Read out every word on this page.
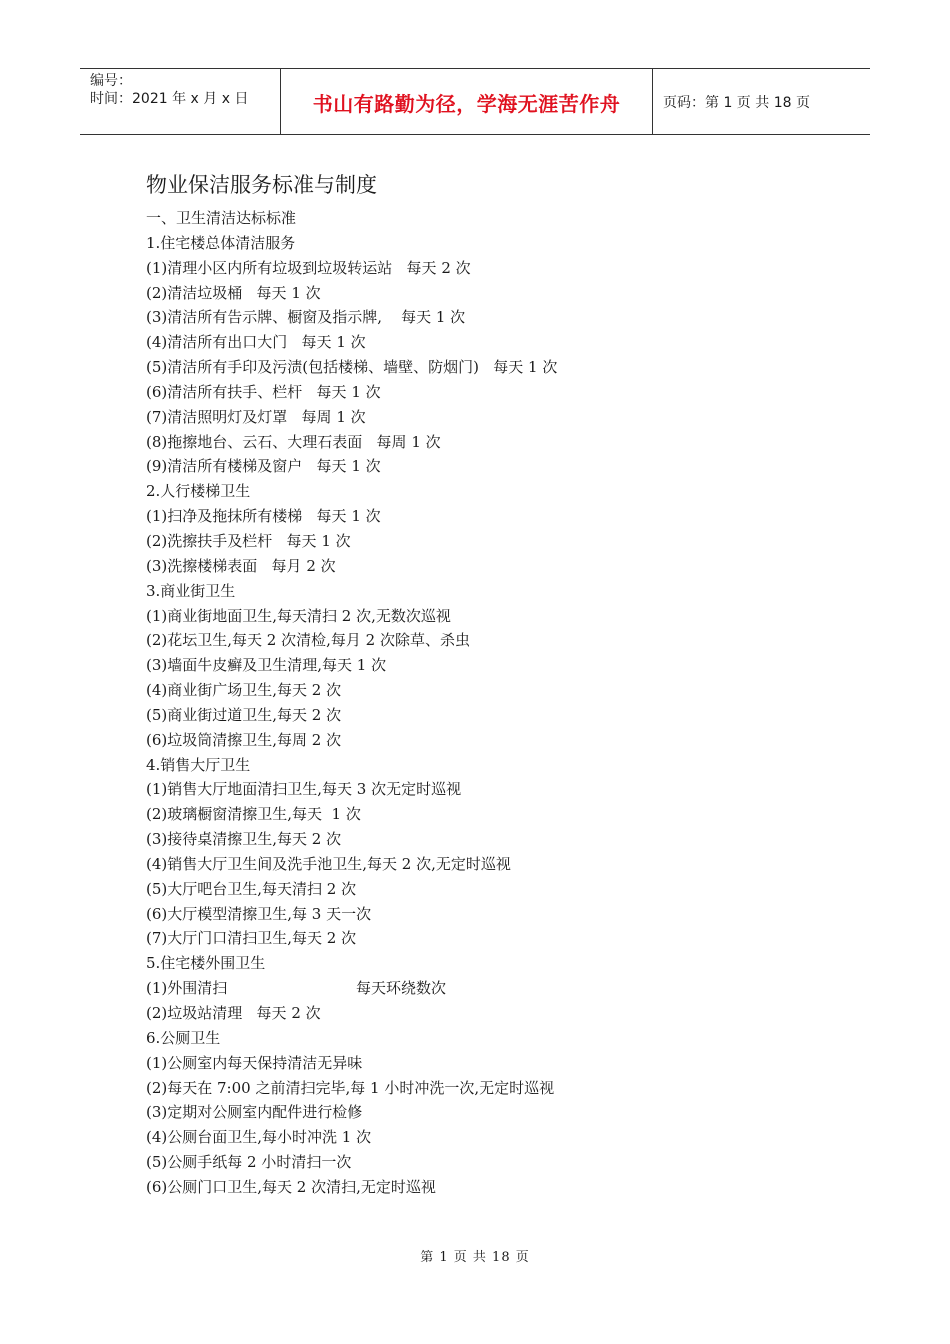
编号：
时间：2021 年 x 月 x 日	书山有路勤为径，学海无涯苦作舟	页码：第 1 页 共 18 页
物业保洁服务标准与制度
一、卫生清洁达标标准
1.住宅楼总体清洁服务
(1)清理小区内所有垃圾到垃圾转运站   每天 2 次
(2)清洁垃圾桶   每天 1 次
(3)清洁所有告示牌、橱窗及指示牌,    每天 1 次
(4)清洁所有出口大门   每天 1 次
(5)清洁所有手印及污渍(包括楼梯、墙壁、防烟门)   每天 1 次
(6)清洁所有扶手、栏杆   每天 1 次
(7)清洁照明灯及灯罩   每周 1 次
(8)拖擦地台、云石、大理石表面   每周 1 次
(9)清洁所有楼梯及窗户   每天 1 次
2.人行楼梯卫生
(1)扫净及拖抹所有楼梯   每天 1 次
(2)洗擦扶手及栏杆   每天 1 次
(3)洗擦楼梯表面   每月 2 次
3.商业街卫生
(1)商业街地面卫生,每天清扫 2 次,无数次巡视
(2)花坛卫生,每天 2 次清检,每月 2 次除草、杀虫
(3)墙面牛皮癣及卫生清理,每天 1 次
(4)商业街广场卫生,每天 2 次
(5)商业街过道卫生,每天 2 次
(6)垃圾筒清擦卫生,每周 2 次
4.销售大厅卫生
(1)销售大厅地面清扫卫生,每天 3 次无定时巡视
(2)玻璃橱窗清擦卫生,每天  1 次
(3)接待桌清擦卫生,每天 2 次
(4)销售大厅卫生间及洗手池卫生,每天 2 次,无定时巡视
(5)大厅吧台卫生,每天清扫 2 次
(6)大厅模型清擦卫生,每 3 天一次
(7)大厅门口清扫卫生,每天 2 次
5.住宅楼外围卫生
(1)外围清扫                           每天环绕数次
(2)垃圾站清理   每天 2 次
6.公厕卫生
(1)公厕室内每天保持清洁无异味
(2)每天在 7:00 之前清扫完毕,每 1 小时冲洗一次,无定时巡视
(3)定期对公厕室内配件进行检修
(4)公厕台面卫生,每小时冲洗 1 次
(5)公厕手纸每 2 小时清扫一次
(6)公厕门口卫生,每天 2 次清扫,无定时巡视
第 1 页 共 18 页
